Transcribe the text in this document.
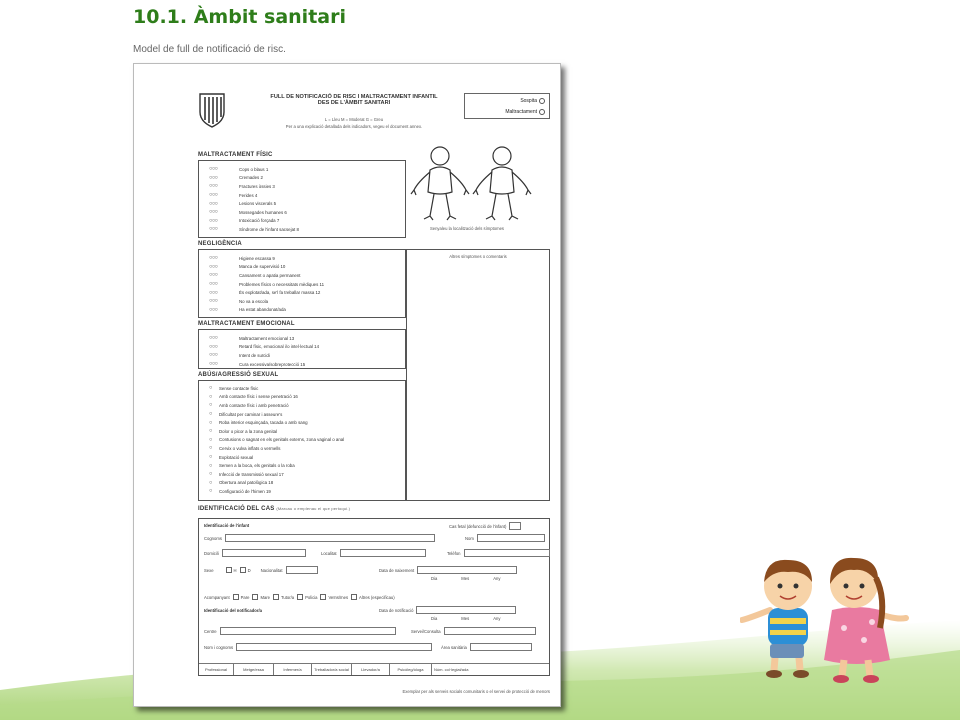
10.1. Àmbit sanitari
Model de full de notificació de risc.
FULL DE NOTIFICACIÓ DE RISC I MALTRACTAMENT INFANTIL
DES DE L'ÀMBIT SANITARI
L = Lleu M = Moderat G = Greu
Per a una explicació detallada dels indicadors, vegeu el document annex.
Sospita
Maltractament
MALTRACTAMENT FÍSIC
○○○	Cops o blaus 1
○○○	Cremades 2
○○○	Fractures òssies 3
○○○	Ferides 4
○○○	Lesions viscerals 5
○○○	Mossegades humanes 6
○○○	Intoxicació forçada 7
○○○	Síndrome de l'infant sacsejat 8	Senyaleu la localització dels símptomes
NEGLIGÈNCIA
○○○	Higiene escassa 9
○○○	Manca de supervisió 10
○○○	Cansament o apatia permanent
○○○	Problemes físics o necessitats mèdiques 11
○○○	És explotat/ada, se'l fa treballar massa 12
○○○	No va a escola
○○○	Ha estat abandonat/ada
Altres símptomes o comentaris
MALTRACTAMENT EMOCIONAL
○○○	Maltractament emocional 13
○○○	Retard físic, emocional i/o intel·lectual 14
○○○	Intent de suïcidi
○○○	Cura excessiva/sobreprotecció 15
ABÚS/AGRESSIÓ SEXUAL
○	Sense contacte físic
○	Amb contacte físic i sense penetració 16
○	Amb contacte físic i amb penetració
○	Dificultat per caminar i asseure's
○	Roba interior esquinçada, tacada o amb sang
○	Dolor o picor a la zona genital
○	Contusions o sagnat en els genitals externs, zona vaginal o anal
○	Cervix o vulva inflats o vermells
○	Explotació sexual
○	Semen a la boca, els genitals o la roba
○	Infecció de transmissió sexual 17
○	Obertura anal patològica 18
○	Configuració de l'himen 19
IDENTIFICACIÓ DEL CAS (Marcau o emplenau el que pertoqui.)
Identificació de l'infant	Cas fetal (defuncció de l'infant)
Cognoms	Nom
Domicili	Localitat	Telèfon
Sexe	H	D Nacionalitat	Data de naixement
Dia	Mes	Any
Acompanyant	Pare	Mare	Tutor/a	Policia	Veïns/ïnes	Altres (especificau)
Identificació del notificador/a	Data de notificació
Dia	Mes	Any
Centre	Servei/Consulta
Nom i cognoms	Àrea sanitària
Professional	Metge/essa	Infermer/a	Treballador/a social	Llevador/a	Psicòleg/òloga	Núm. col·legiat/ada
Exemplar per als serveis socials comunitaris o el servei de protecció de menors
